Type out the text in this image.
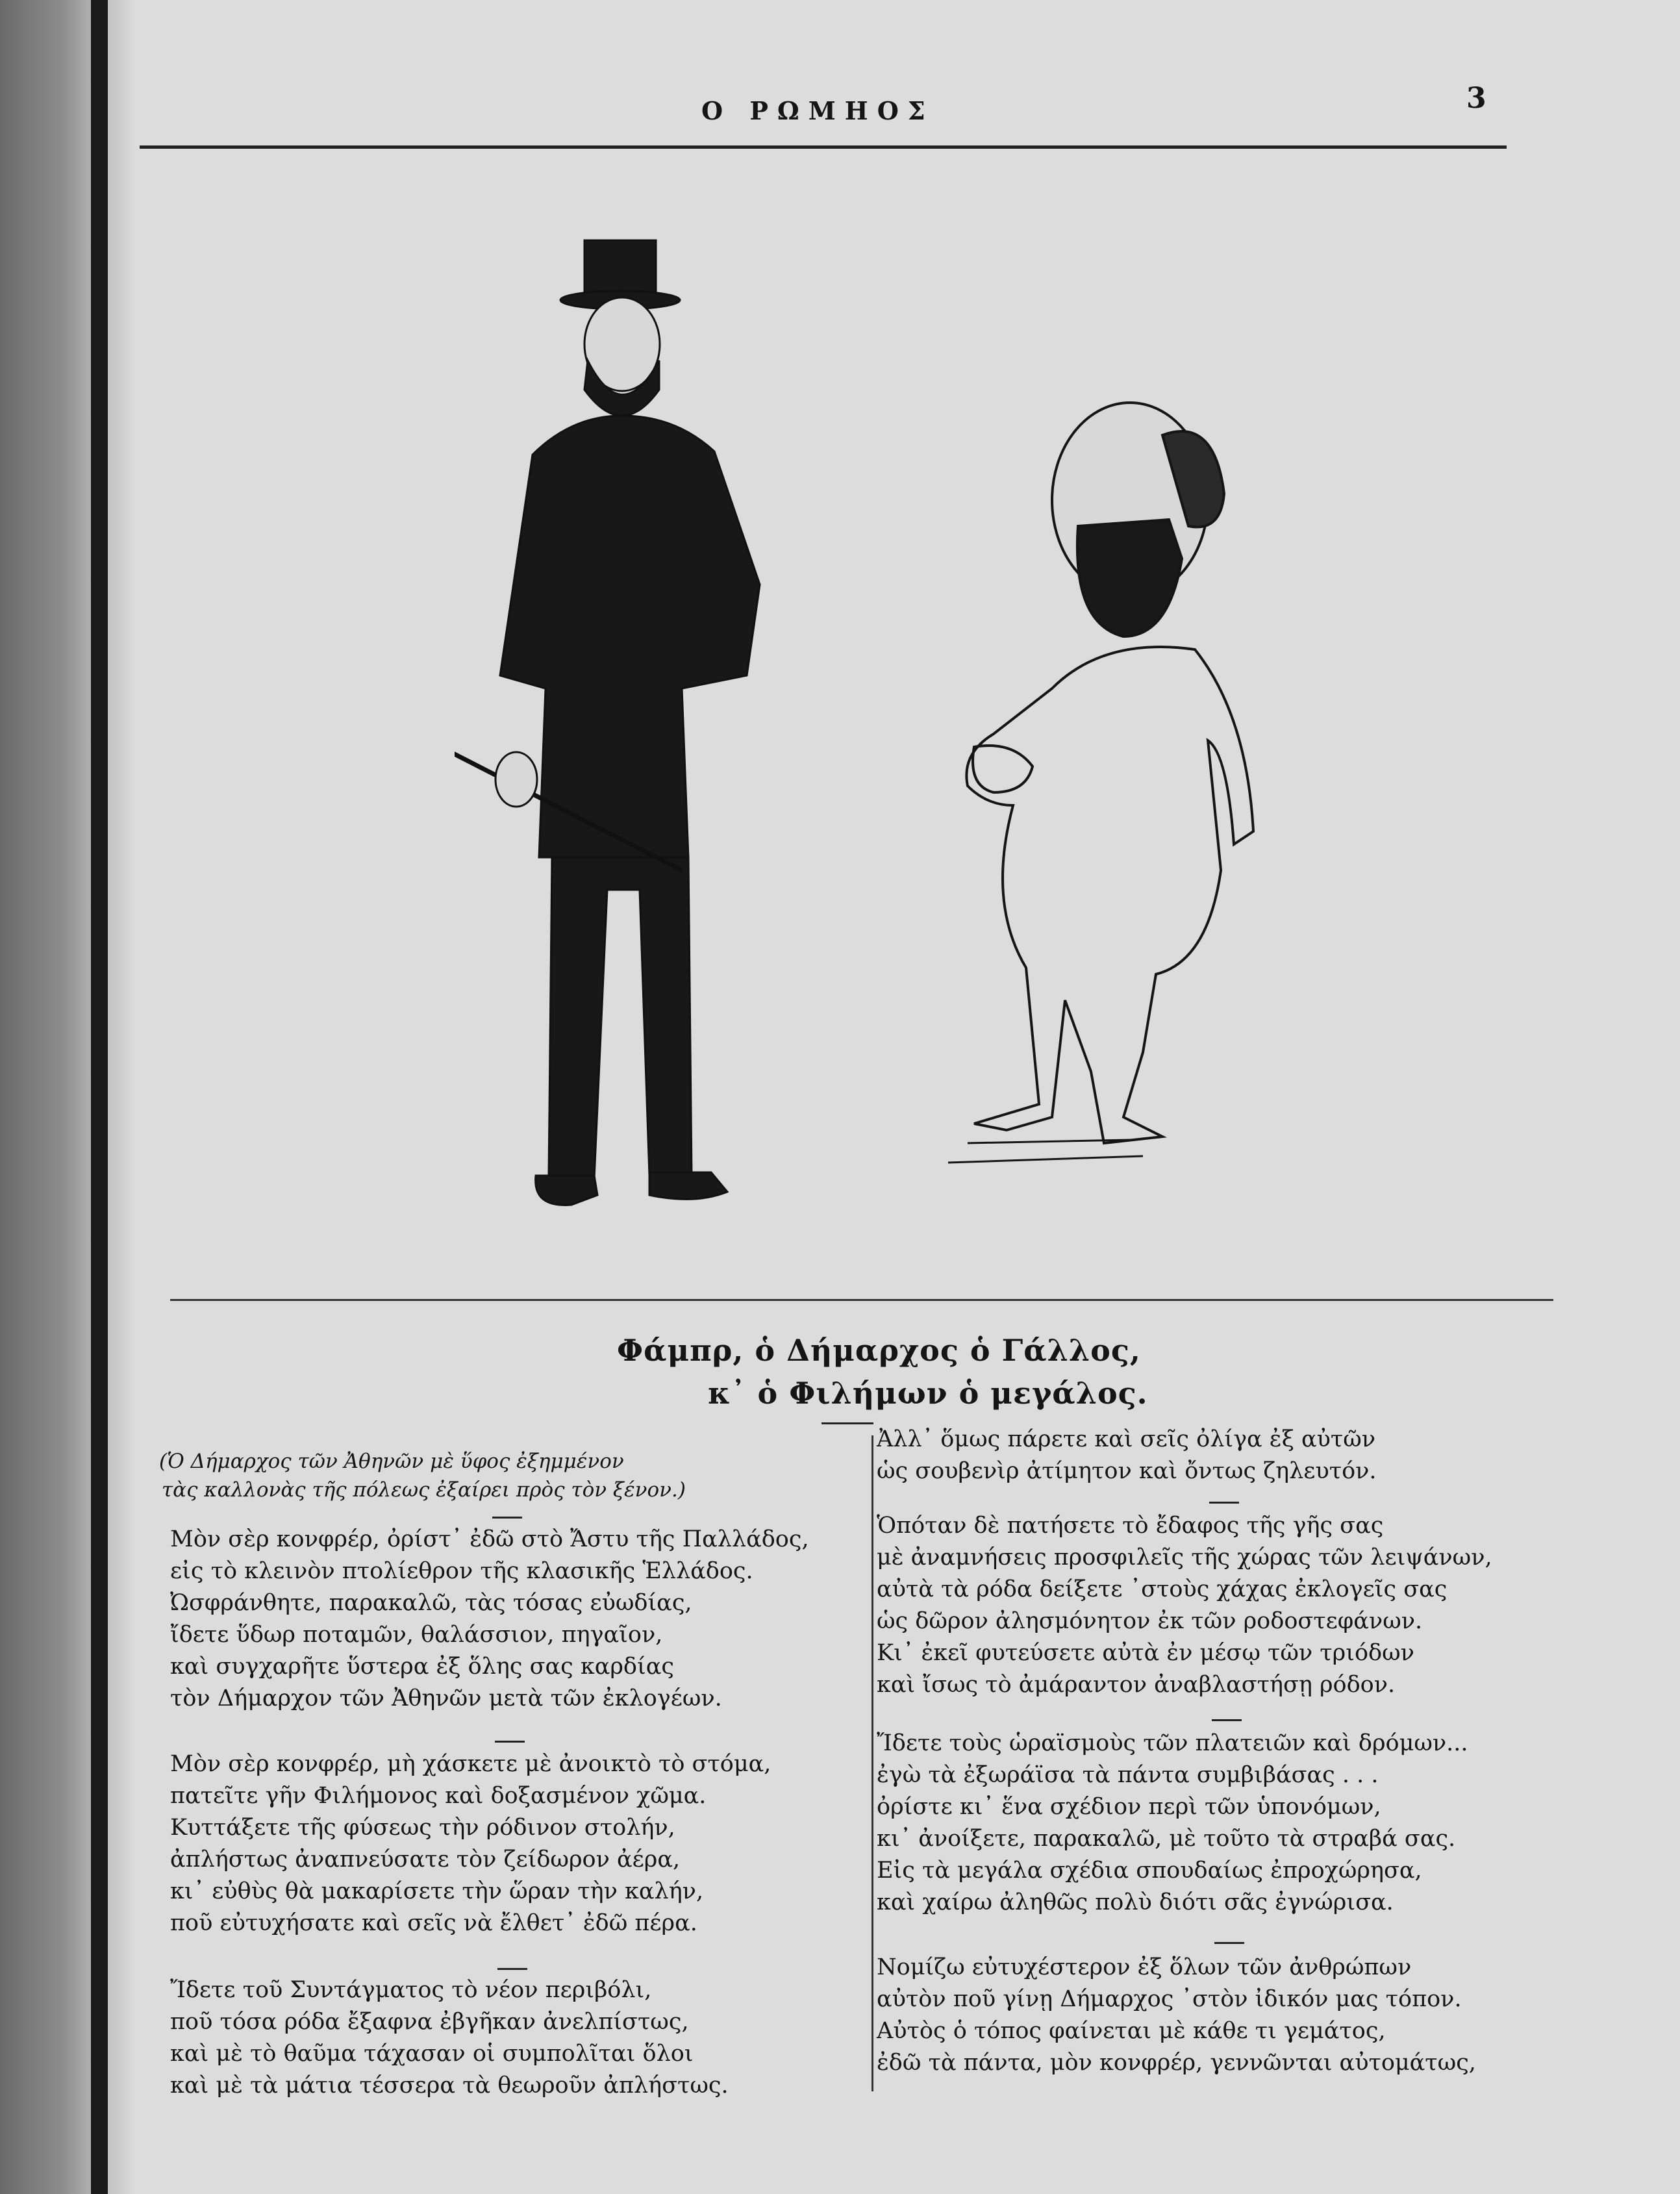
Ο ΡΩΜΗΟΣ	3
Φάμπρ, ὁ Δήμαρχος ὁ Γάλλος,
κ᾽ ὁ Φιλήμων ὁ μεγάλος.
(Ὁ Δήμαρχος τῶν Ἀθηνῶν μὲ ὕφος ἐξημμένον
τὰς καλλονὰς τῆς πόλεως ἐξαίρει πρὸς τὸν ξένον.)
Μὸν σὲρ κονφρέρ, ὀρίστ᾽ ἐδῶ στὸ Ἄστυ τῆς Παλλάδος,
εἰς τὸ κλεινὸν πτολίεθρον τῆς κλασικῆς Ἑλλάδος.
Ὠσφράνθητε, παρακαλῶ, τὰς τόσας εὐωδίας,
ἴδετε ὕδωρ ποταμῶν, θαλάσσιον, πηγαῖον,
καὶ συγχαρῆτε ὕστερα ἐξ ὅλης σας καρδίας
τὸν Δήμαρχον τῶν Ἀθηνῶν μετὰ τῶν ἐκλογέων.
Μὸν σὲρ κονφρέρ, μὴ χάσκετε μὲ ἀνοικτὸ τὸ στόμα,
πατεῖτε γῆν Φιλήμονος καὶ δοξασμένον χῶμα.
Κυττάξετε τῆς φύσεως τὴν ρόδινον στολήν,
ἀπλήστως ἀναπνεύσατε τὸν ζείδωρον ἀέρα,
κι᾽ εὐθὺς θὰ μακαρίσετε τὴν ὥραν τὴν καλήν,
ποῦ εὐτυχήσατε καὶ σεῖς νὰ ἔλθετ᾽ ἐδῶ πέρα.
Ἴδετε τοῦ Συντάγματος τὸ νέον περιβόλι,
ποῦ τόσα ρόδα ἔξαφνα ἐβγῆκαν ἀνελπίστως,
καὶ μὲ τὸ θαῦμα τάχασαν οἱ συμπολῖται ὅλοι
καὶ μὲ τὰ μάτια τέσσερα τὰ θεωροῦν ἀπλήστως.
Ἀλλ᾽ ὅμως πάρετε καὶ σεῖς ὀλίγα ἐξ αὐτῶν
ὡς σουβενὶρ ἀτίμητον καὶ ὄντως ζηλευτόν.
Ὁπόταν δὲ πατήσετε τὸ ἔδαφος τῆς γῆς σας
μὲ ἀναμνήσεις προσφιλεῖς τῆς χώρας τῶν λειψάνων,
αὐτὰ τὰ ρόδα δείξετε ᾽στοὺς χάχας ἐκλογεῖς σας
ὡς δῶρον ἀλησμόνητον ἐκ τῶν ροδοστεφάνων.
Κι᾽ ἐκεῖ φυτεύσετε αὐτὰ ἐν μέσῳ τῶν τριόδων
καὶ ἴσως τὸ ἀμάραντον ἀναβλαστήσῃ ρόδον.
Ἴδετε τοὺς ὡραϊσμοὺς τῶν πλατειῶν καὶ δρόμων...
ἐγὼ τὰ ἐξωράϊσα τὰ πάντα συμβιβάσας . . .
ὀρίστε κι᾽ ἕνα σχέδιον περὶ τῶν ὑπονόμων,
κι᾽ ἀνοίξετε, παρακαλῶ, μὲ τοῦτο τὰ στραβά σας.
Εἰς τὰ μεγάλα σχέδια σπουδαίως ἐπροχώρησα,
καὶ χαίρω ἀληθῶς πολὺ διότι σᾶς ἐγνώρισα.
Νομίζω εὐτυχέστερον ἐξ ὅλων τῶν ἀνθρώπων
αὐτὸν ποῦ γίνῃ Δήμαρχος ᾽στὸν ἰδικόν μας τόπον.
Αὐτὸς ὁ τόπος φαίνεται μὲ κάθε τι γεμάτος,
ἐδῶ τὰ πάντα, μὸν κονφρέρ, γεννῶνται αὐτομάτως,
